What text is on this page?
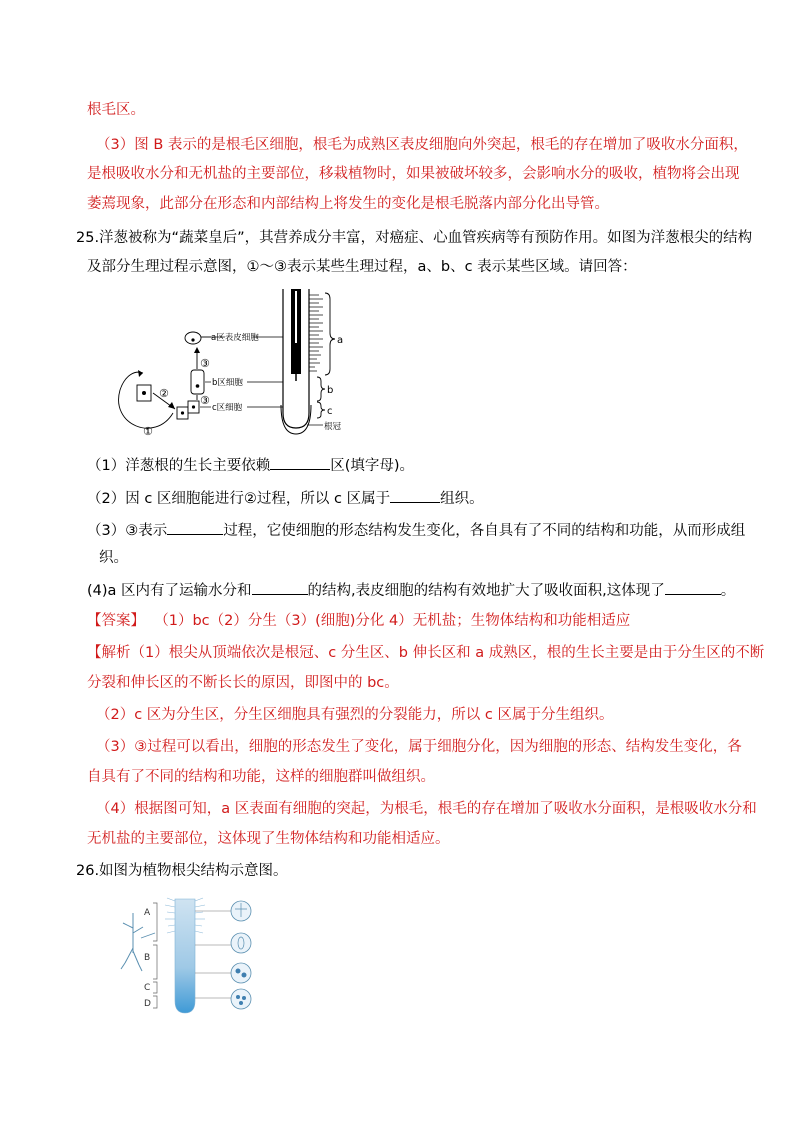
根毛区。
（3）图 B 表示的是根毛区细胞，根毛为成熟区表皮细胞向外突起，根毛的存在增加了吸收水分面积，
是根吸收水分和无机盐的主要部位，移栽植物时，如果被破坏较多，会影响水分的吸收，植物将会出现
萎蔫现象，此部分在形态和内部结构上将发生的变化是根毛脱落内部分化出导管。
25.洋葱被称为“蔬菜皇后”，其营养成分丰富，对癌症、心血管疾病等有预防作用。如图为洋葱根尖的结构
及部分生理过程示意图，①～③表示某些生理过程，a、b、c 表示某些区域。请回答：
①
②
③
③
a区表皮细胞
b区细胞
c区细胞
a
b
c
根冠
（1）洋葱根的生长主要依赖	区(填字母)。
（2）因 c 区细胞能进行②过程，所以 c 区属于	组织。
（3）③表示	过程，它使细胞的形态结构发生变化，各自具有了不同的结构和功能，从而形成组
织。
(4)a 区内有了运输水分和	的结构,表皮细胞的结构有效地扩大了吸收面积,这体现了	。
【答案】 （1）bc（2）分生（3）(细胞)分化 4）无机盐；生物体结构和功能相适应
【解析（1）根尖从顶端依次是根冠、c 分生区、b 伸长区和 a 成熟区，根的生长主要是由于分生区的不断
分裂和伸长区的不断长长的原因，即图中的 bc。
（2）c 区为分生区，分生区细胞具有强烈的分裂能力，所以 c 区属于分生组织。
（3）③过程可以看出，细胞的形态发生了变化，属于细胞分化，因为细胞的形态、结构发生变化，各
自具有了不同的结构和功能，这样的细胞群叫做组织。
（4）根据图可知，a 区表面有细胞的突起，为根毛，根毛的存在增加了吸收水分面积，是根吸收水分和
无机盐的主要部位，这体现了生物体结构和功能相适应。
26.如图为植物根尖结构示意图。
A
B
C
D
